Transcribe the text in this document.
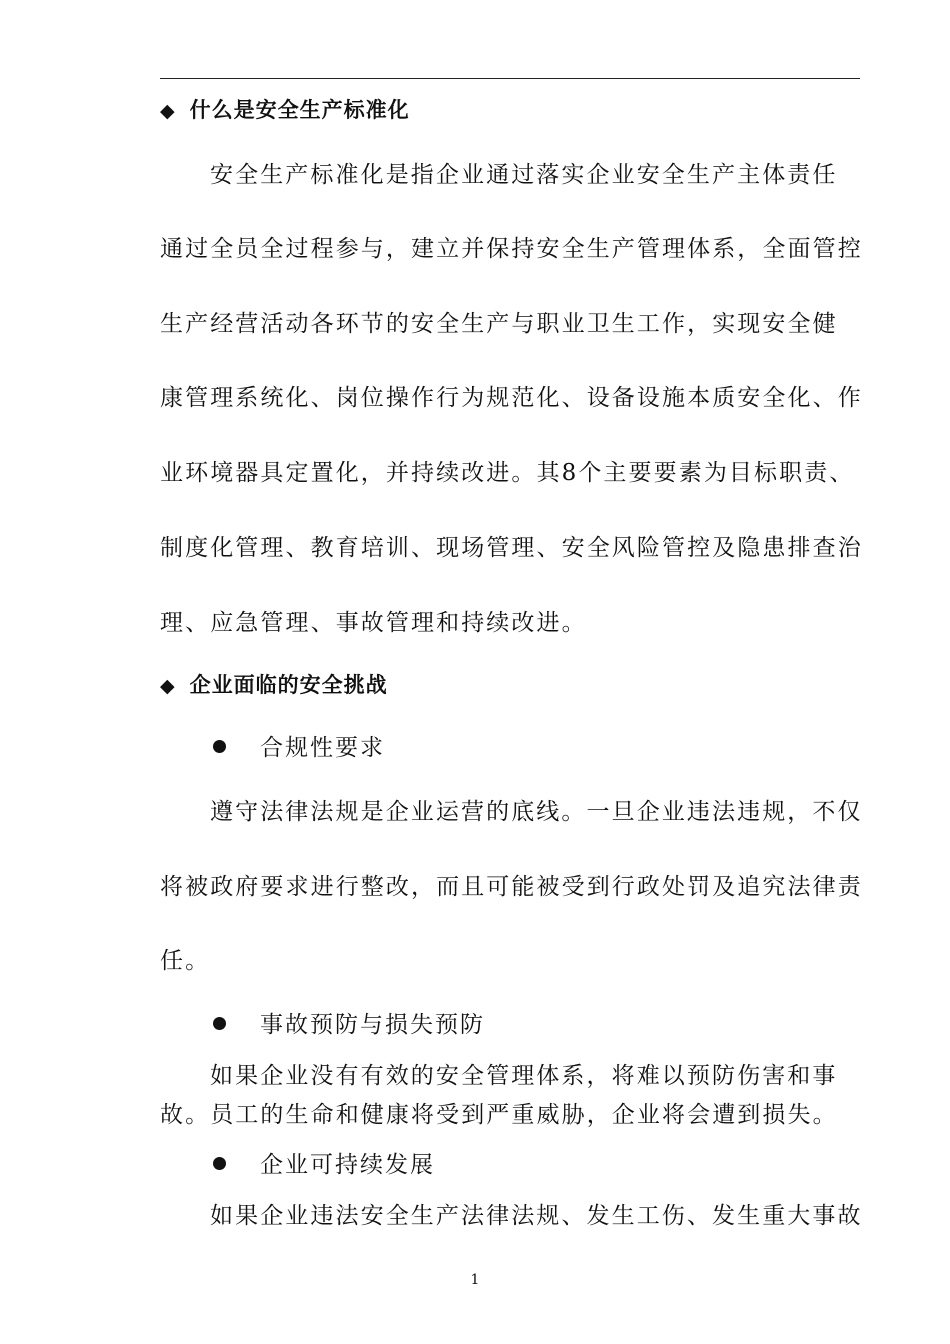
◆ 什么是安全生产标准化
安全生产标准化是指企业通过落实企业安全生产主体责任
通过全员全过程参与，建立并保持安全生产管理体系，全面管控
生产经营活动各环节的安全生产与职业卫生工作，实现安全健
康管理系统化、岗位操作行为规范化、设备设施本质安全化、作
业环境器具定置化，并持续改进。其8个主要要素为目标职责、
制度化管理、教育培训、现场管理、安全风险管控及隐患排查治
理、应急管理、事故管理和持续改进。
◆ 企业面临的安全挑战
合规性要求
遵守法律法规是企业运营的底线。一旦企业违法违规，不仅
将被政府要求进行整改，而且可能被受到行政处罚及追究法律责
任。
事故预防与损失预防
如果企业没有有效的安全管理体系，将难以预防伤害和事
故。员工的生命和健康将受到严重威胁，企业将会遭到损失。
企业可持续发展
如果企业违法安全生产法律法规、发生工伤、发生重大事故
1
